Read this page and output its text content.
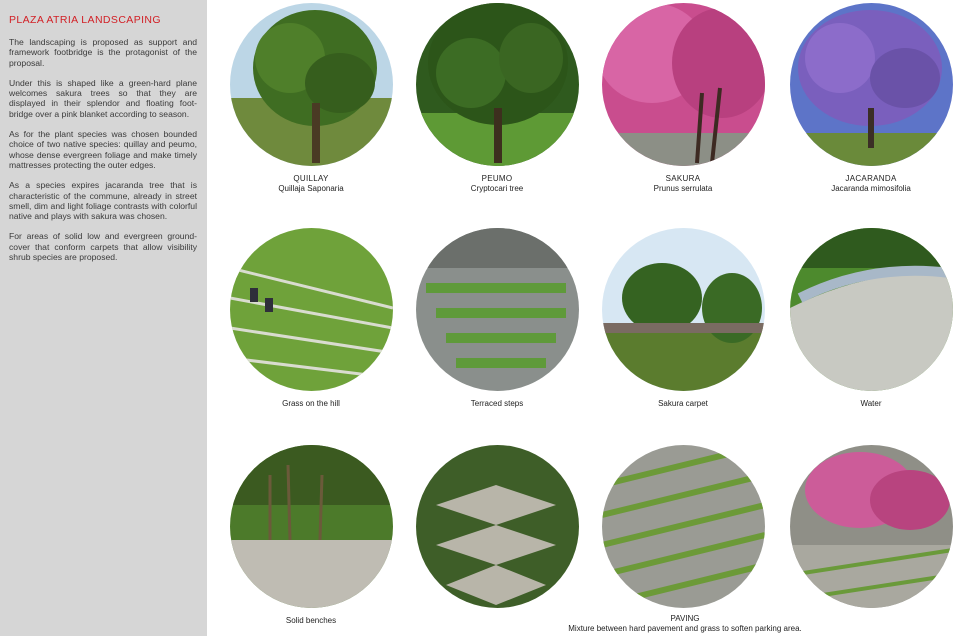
PLAZA ATRIA LANDSCAPING

The landscaping is proposed as support and framework footbridge is the protagonist of the proposal.

Under this is shaped like a green-hard plane welcomes sakura trees so that they are displayed in their splendor and floating foot-bridge over a pink blanket according to season.

As for the plant species was chosen bounded choice of two native species: quillay and peumo, whose dense evergreen foliage and make timely mattresses protecting the outer edges.

As a species expires jacaranda tree that is characteristic of the commune, already in street smell, dim and light foliage contrasts with colorful native and plays with sakura was chosen.

For areas of solid low and evergreen ground-cover that conform carpets that allow visibility shrub species are proposed.

QUILLAY
Quillaja Saponaria
PEUMO
Cryptocari tree
SAKURA
Prunus serrulata
JACARANDA
Jacaranda mimosifolia
Grass on the hill	Terraced steps	Sakura carpet	Water
Solid benches	PAVING
Mixture between hard pavement and grass to soften parking area.
